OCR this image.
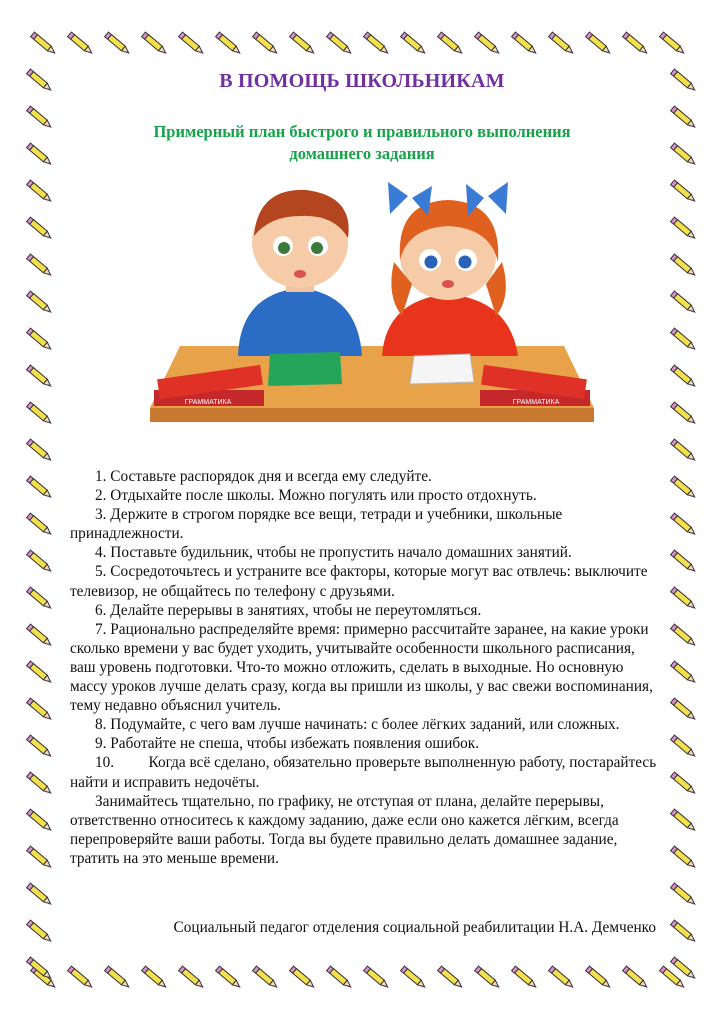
В ПОМОЩЬ ШКОЛЬНИКАМ
Примерный план быстрого и правильного выполнения
домашнего задания
ГРАММАТИКА	ГРАММАТИКА

1. Составьте распорядок дня и всегда ему следуйте.

2. Отдыхайте после школы. Можно погулять или просто отдохнуть.

3. Держите в строгом порядке все вещи, тетради и учебники, школьные принадлежности.

4. Поставьте будильник, чтобы не пропустить начало домашних занятий.

5. Сосредоточьтесь и устраните все факторы, которые могут вас отвлечь: выключите телевизор, не общайтесь по телефону с друзьями.

6. Делайте перерывы в занятиях, чтобы не переутомляться.

7. Рационально распределяйте время: примерно рассчитайте заранее, на какие уроки сколько времени у вас будет уходить, учитывайте особенности школьного расписания, ваш уровень подготовки. Что-то можно отложить, сделать в выходные. Но основную массу уроков лучше делать сразу, когда вы пришли из школы, у вас свежи воспоминания, тему недавно объяснил учитель.

8. Подумайте, с чего вам лучше начинать: с более лёгких заданий, или сложных.

9. Работайте не спеша, чтобы избежать появления ошибок.

10.         Когда всё сделано, обязательно проверьте выполненную работу, постарайтесь найти и исправить недочёты.

Занимайтесь тщательно, по графику, не отступая от плана, делайте перерывы, ответственно относитесь к каждому заданию, даже если оно кажется лёгким, всегда перепроверяйте ваши работы. Тогда вы будете правильно делать домашнее задание, тратить на это меньше времени.

Социальный педагог отделения социальной реабилитации Н.А. Демченко
